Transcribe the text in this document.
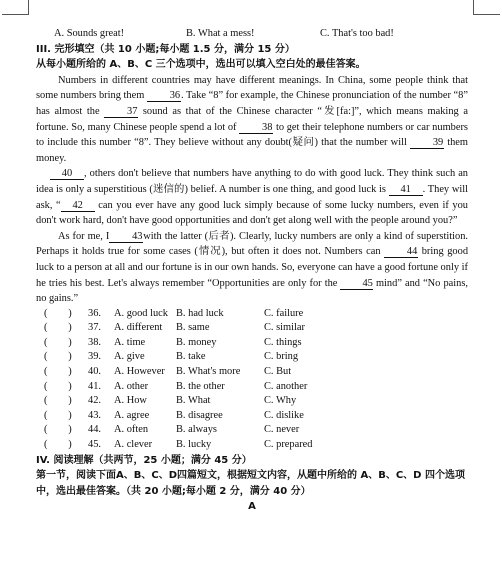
A. Sounds great!	B. What a mess!	C. That's too bad!
III. 完形填空（共 10 小题;每小题 1.5 分，满分 15 分）
从每小题所给的 A、B、C 三个选项中，选出可以填入空白处的最佳答案。

Numbers in different countries may have different meanings. In China, some people think that some numbers bring them 36. Take “8” for example, the Chinese pronunciation of the number “8” has almost the	37 sound as that of the Chinese character “发[fa:]”, which means making a fortune. So, many Chinese people spend a lot of 38 to get their telephone numbers or car numbers to include this number “8”. They believe without any doubt(疑问) that the number will 39 them money.

40 , others don't believe that numbers have anything to do with good luck. They think such an idea is only a superstitious (迷信的) belief. A number is one thing, and good luck is 41 . They will ask, “ 42 can you ever have any good luck simply because of some lucky numbers, even if you don't work hard, don't have good opportunities and don't get along well with the people around you?”

As for me, I 43with the latter (后者). Clearly, lucky numbers are only a kind of superstition. Perhaps it holds true for some cases (情况), but often it does not. Numbers can	44 bring good luck to a person at all and our fortune is in our own hands. So, everyone can have a good fortune only if he tries his best. Let's always remember “Opportunities are only for the 45 mind” and “No pains, no gains.”

(　　)	36.	A. good luck B. had luck	C. failure
(　　)	37.	A. different	B. same	C. similar
(　　)	38.	A. time	B. money	C. things
(　　)	39.	A. give	B. take	C. bring
(　　)	40.	A. However	B. What's more	C. But
(　　)	41.	A. other	B. the other	C. another
(　　)	42.	A. How	B. What	C. Why
(　　)	43.	A. agree	B. disagree	C. dislike
(　　)	44.	A. often	B. always	C. never
(　　)	45.	A. clever	B. lucky	C. prepared
IV. 阅读理解（共两节，25 小题；满分 45 分）
第一节，阅读下面A、B、C、D四篇短文，根据短文内容，从题中所给的 A、B、C、D 四个选项中，选出最佳答案。（共 20 小题;每小题 2 分，满分 40 分）
A
